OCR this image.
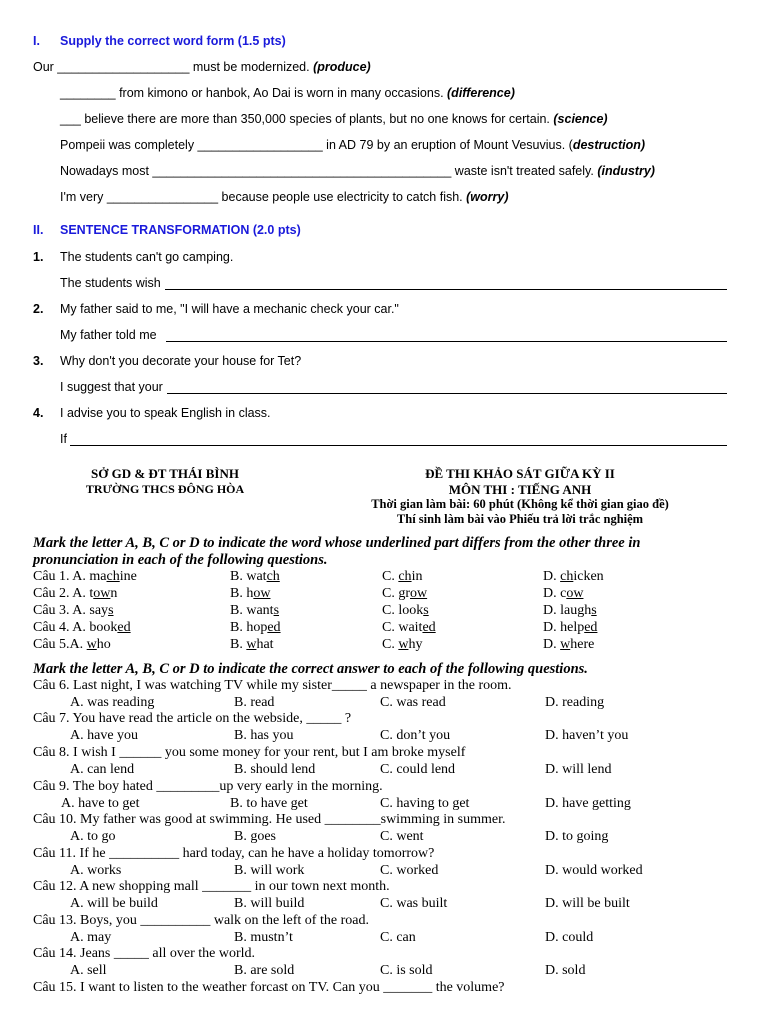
I. Supply the correct word form (1.5 pts)
Our ___________________ must be modernized. (produce)
________ from kimono or hanbok, Ao Dai is worn in many occasions. (difference)
___ believe there are more than 350,000 species of plants, but no one knows for certain. (science)
Pompeii was completely __________________ in AD 79 by an eruption of Mount Vesuvius. (destruction)
Nowadays most ___________________________________________ waste isn't treated safely. (industry)
I'm very ________________ because people use electricity to catch fish. (worry)
II. SENTENCE TRANSFORMATION (2.0 pts)
1. The students can't go camping.
The students wish
2. My father said to me, "I will have a mechanic check your car."
My father told me
3. Why don't you decorate your house for Tet?
I suggest that your
4. I advise you to speak English in class.
If
SỞ GD & ĐT THÁI BÌNH
TRƯỜNG THCS ĐÔNG HÒA
ĐỀ THI KHẢO SÁT GIỮA KỲ II
MÔN THI : TIẾNG ANH
Thời gian làm bài: 60 phút (Không kể thời gian giao đề)
Thí sinh làm bài vào Phiếu trả lời trắc nghiệm
Mark the letter A, B, C or D to indicate the word whose underlined part differs from the other three in
pronunciation in each of the following questions.
Câu 1. A. machine	B. watch	C. chin	D. chicken
Câu 2. A. town	B. how	C. grow	D. cow
Câu 3. A. says	B. wants	C. looks	D. laughs
Câu 4. A. booked	B. hoped	C. waited	D. helped
Câu 5.A. who	B. what	C. why	D. where
Mark the letter A, B, C or D to indicate the correct answer to each of the following questions.
Câu 6. Last night, I was watching TV while my sister_____ a newspaper in the room.
A. was reading	B. read	C. was read	D. reading
Câu 7. You have read the article on the webside, _____ ?
A. have you	B. has you	C. don’t you	D. haven’t you
Câu 8. I wish I ______ you some money for your rent, but I am broke myself
A. can lend	B. should lend	C. could lend	D. will lend
Câu 9. The boy hated _________up very early in the morning.
A. have to get	B. to have get	C. having to get	D. have getting
Câu 10. My father was good at swimming. He used ________swimming in summer.
A. to go	B. goes	C. went	D. to going
Câu 11. If he __________ hard today, can he have a holiday tomorrow?
A. works	B. will work	C. worked	D. would worked
Câu 12. A new shopping mall _______ in our town next month.
A. will be build	B. will build	C. was built	D. will be built
Câu 13. Boys, you __________ walk on the left of the road.
A. may	B. mustn’t	C. can	D. could
Câu 14. Jeans _____ all over the world.
A. sell	B. are sold	C. is sold	D. sold
Câu 15. I want to listen to the weather forcast on TV. Can you _______ the volume?
